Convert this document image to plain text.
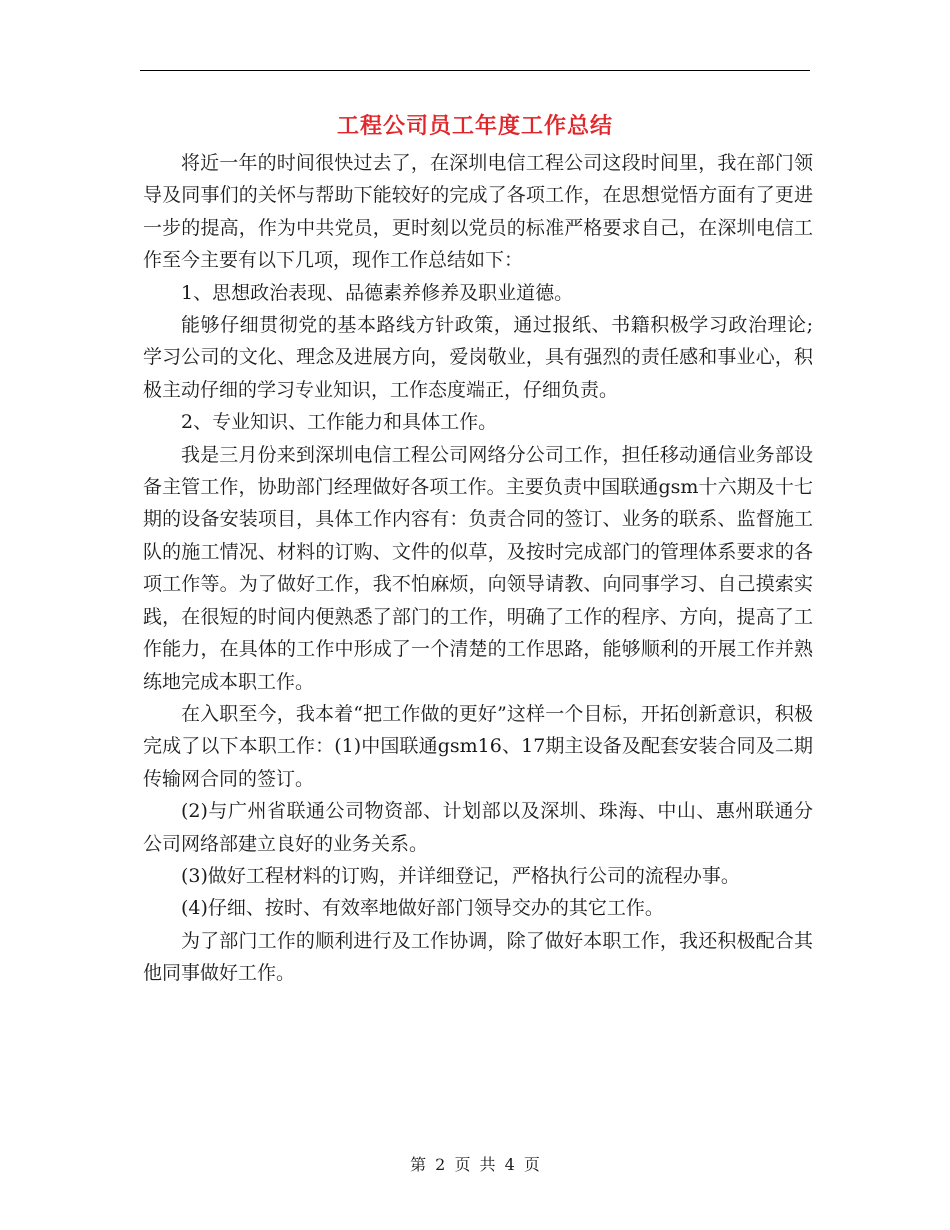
工程公司员工年度工作总结

将近一年的时间很快过去了，在深圳电信工程公司这段时间里，我在部门领导及同事们的关怀与帮助下能较好的完成了各项工作，在思想觉悟方面有了更进一步的提高，作为中共党员，更时刻以党员的标准严格要求自己，在深圳电信工作至今主要有以下几项，现作工作总结如下：

1、思想政治表现、品德素养修养及职业道德。

能够仔细贯彻党的基本路线方针政策，通过报纸、书籍积极学习政治理论;学习公司的文化、理念及进展方向，爱岗敬业，具有强烈的责任感和事业心，积极主动仔细的学习专业知识，工作态度端正，仔细负责。

2、专业知识、工作能力和具体工作。

我是三月份来到深圳电信工程公司网络分公司工作，担任移动通信业务部设备主管工作，协助部门经理做好各项工作。主要负责中国联通gsm十六期及十七期的设备安装项目，具体工作内容有：负责合同的签订、业务的联系、监督施工队的施工情况、材料的订购、文件的似草，及按时完成部门的管理体系要求的各项工作等。为了做好工作，我不怕麻烦，向领导请教、向同事学习、自己摸索实践，在很短的时间内便熟悉了部门的工作，明确了工作的程序、方向，提高了工作能力，在具体的工作中形成了一个清楚的工作思路，能够顺利的开展工作并熟练地完成本职工作。

在入职至今，我本着“把工作做的更好”这样一个目标，开拓创新意识，积极完成了以下本职工作：(1)中国联通gsm16、17期主设备及配套安装合同及二期传输网合同的签订。

(2)与广州省联通公司物资部、计划部以及深圳、珠海、中山、惠州联通分公司网络部建立良好的业务关系。

(3)做好工程材料的订购，并详细登记，严格执行公司的流程办事。

(4)仔细、按时、有效率地做好部门领导交办的其它工作。

为了部门工作的顺利进行及工作协调，除了做好本职工作，我还积极配合其他同事做好工作。

第 2 页 共 4 页
